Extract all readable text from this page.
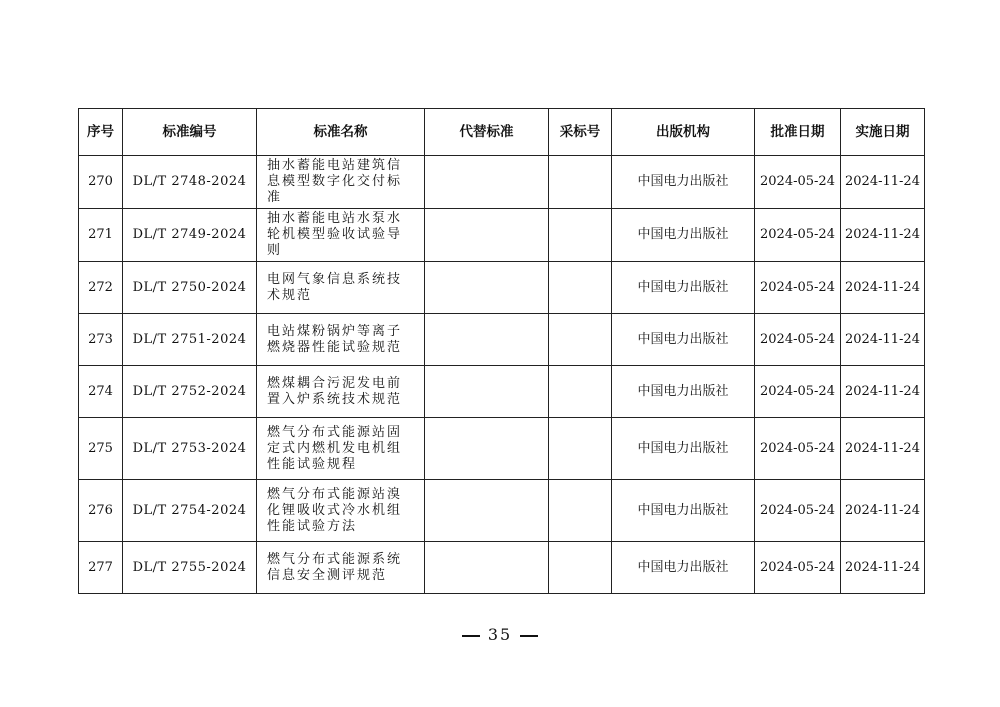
序号	标准编号	标准名称	代替标准	采标号	出版机构	批准日期	实施日期
270	DL/T 2748-2024	抽水蓄能电站建筑信息模型数字化交付标准			中国电力出版社	2024-05-24	2024-11-24
271	DL/T 2749-2024	抽水蓄能电站水泵水轮机模型验收试验导则			中国电力出版社	2024-05-24	2024-11-24
272	DL/T 2750-2024	电网气象信息系统技术规范			中国电力出版社	2024-05-24	2024-11-24
273	DL/T 2751-2024	电站煤粉锅炉等离子燃烧器性能试验规范			中国电力出版社	2024-05-24	2024-11-24
274	DL/T 2752-2024	燃煤耦合污泥发电前置入炉系统技术规范			中国电力出版社	2024-05-24	2024-11-24
275	DL/T 2753-2024	燃气分布式能源站固定式内燃机发电机组性能试验规程			中国电力出版社	2024-05-24	2024-11-24
276	DL/T 2754-2024	燃气分布式能源站溴化锂吸收式冷水机组性能试验方法			中国电力出版社	2024-05-24	2024-11-24
277	DL/T 2755-2024	燃气分布式能源系统信息安全测评规范			中国电力出版社	2024-05-24	2024-11-24
35
